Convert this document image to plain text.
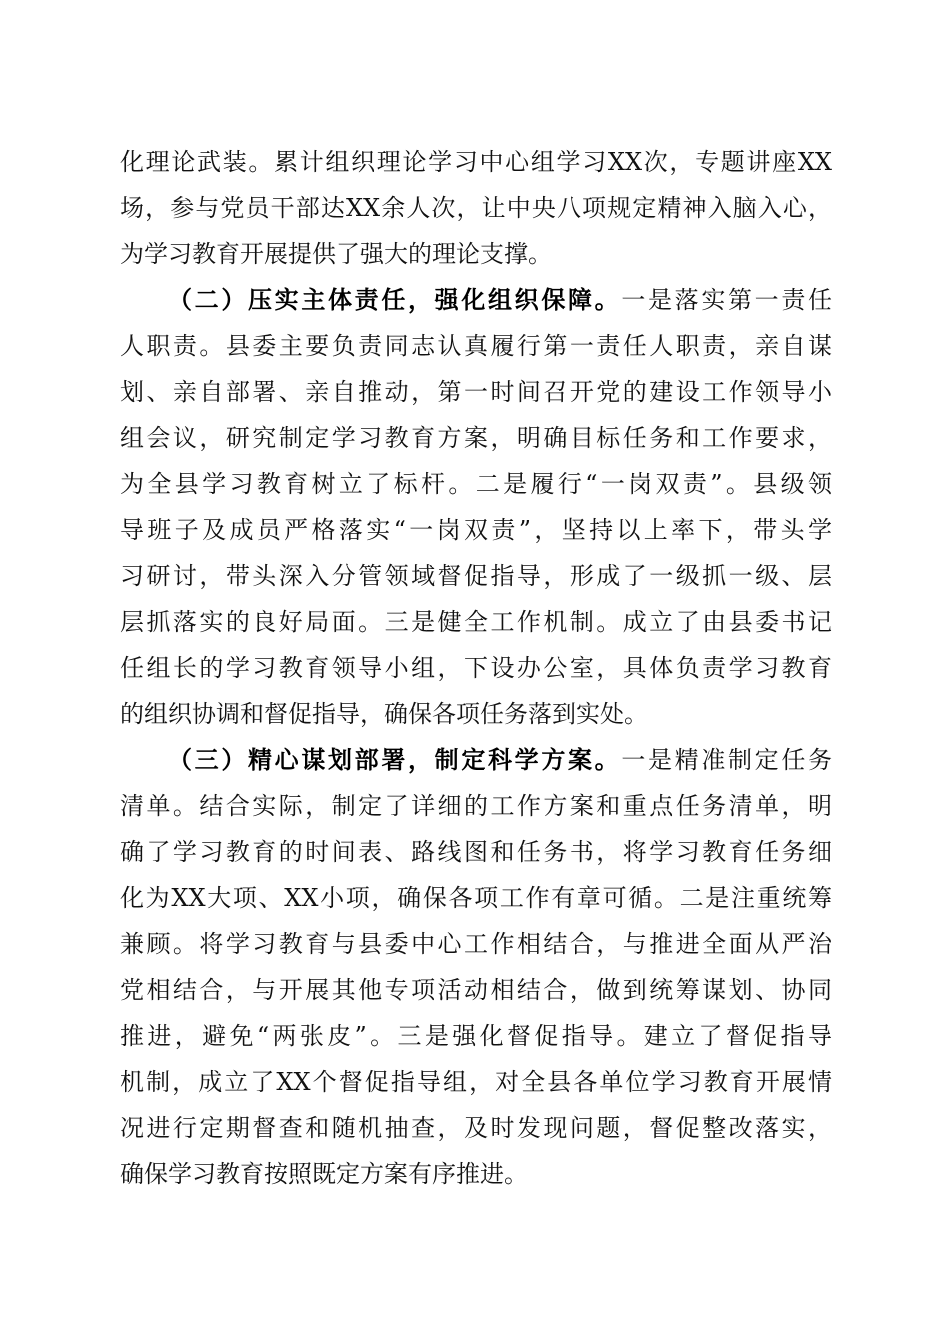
化理论武装。累计组织理论学习中心组学习XX次，专题讲座XX

场，参与党员干部达XX余人次，让中央八项规定精神入脑入心，

为学习教育开展提供了强大的理论支撑。

（二）压实主体责任，强化组织保障。一是落实第一责任

人职责。县委主要负责同志认真履行第一责任人职责，亲自谋

划、亲自部署、亲自推动，第一时间召开党的建设工作领导小

组会议，研究制定学习教育方案，明确目标任务和工作要求，

为全县学习教育树立了标杆。二是履行“一岗双责”。县级领

导班子及成员严格落实“一岗双责”，坚持以上率下，带头学

习研讨，带头深入分管领域督促指导，形成了一级抓一级、层

层抓落实的良好局面。三是健全工作机制。成立了由县委书记

任组长的学习教育领导小组，下设办公室，具体负责学习教育

的组织协调和督促指导，确保各项任务落到实处。

（三）精心谋划部署，制定科学方案。一是精准制定任务

清单。结合实际，制定了详细的工作方案和重点任务清单，明

确了学习教育的时间表、路线图和任务书，将学习教育任务细

化为XX大项、XX小项，确保各项工作有章可循。二是注重统筹

兼顾。将学习教育与县委中心工作相结合，与推进全面从严治

党相结合，与开展其他专项活动相结合，做到统筹谋划、协同

推进，避免“两张皮”。三是强化督促指导。建立了督促指导

机制，成立了XX个督促指导组，对全县各单位学习教育开展情

况进行定期督查和随机抽查，及时发现问题，督促整改落实，

确保学习教育按照既定方案有序推进。
